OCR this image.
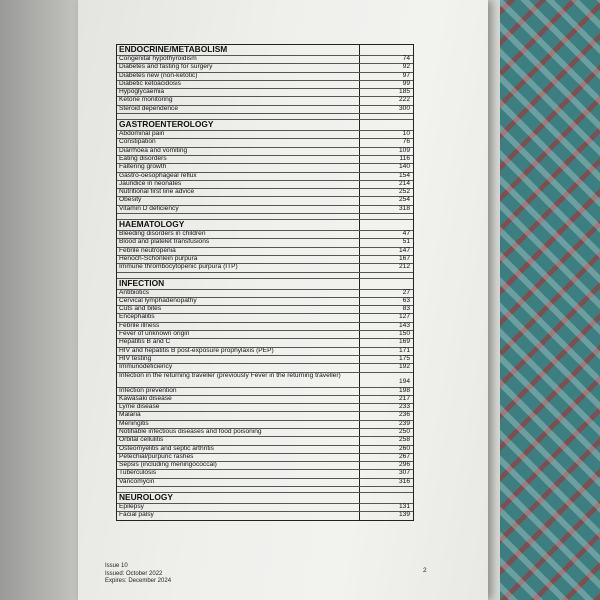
ENDOCRINE/METABOLISM
Congenital hypothyroidism	74
Diabetes and fasting for surgery	92
Diabetes new (non-ketotic)	97
Diabetic ketoacidosis	99
Hypoglycaemia	185
Ketone monitoring	222
Steroid dependence	300
GASTROENTEROLOGY
Abdominal pain	10
Constipation	76
Diarrhoea and vomiting	109
Eating disorders	116
Faltering growth	140
Gastro-oesophageal reflux	154
Jaundice in neonates	214
Nutritional first line advice	252
Obesity	254
Vitamin D deficiency	318
HAEMATOLOGY
Bleeding disorders in children	47
Blood and platelet transfusions	51
Febrile neutropenia	147
Henoch-Schönlein purpura	167
Immune thrombocytopenic purpura (ITP)	212
INFECTION
Antibiotics	27
Cervical lymphadenopathy	63
Cuts and bites	83
Encephalitis	127
Febrile illness	143
Fever of unknown origin	150
Hepatitis B and C	169
HIV and hepatitis B post-exposure prophylaxis (PEP)	171
HIV testing	175
Immunodeficiency	192
Infection in the returning traveller (previously Fever in the returning traveller)
194
Infection prevention	198
Kawasaki disease	217
Lyme disease	233
Malaria	236
Meningitis	239
Notifiable infectious diseases and food poisoning	250
Orbital cellulitis	258
Osteomyelitis and septic arthritis	260
Petechial/purpuric rashes	267
Sepsis (including meningococcal)	296
Tuberculosis	307
Vancomycin	316
NEUROLOGY
Epilepsy	131
Facial palsy	139
Issue 10
Issued: October 2022
Expires: December 2024
2
